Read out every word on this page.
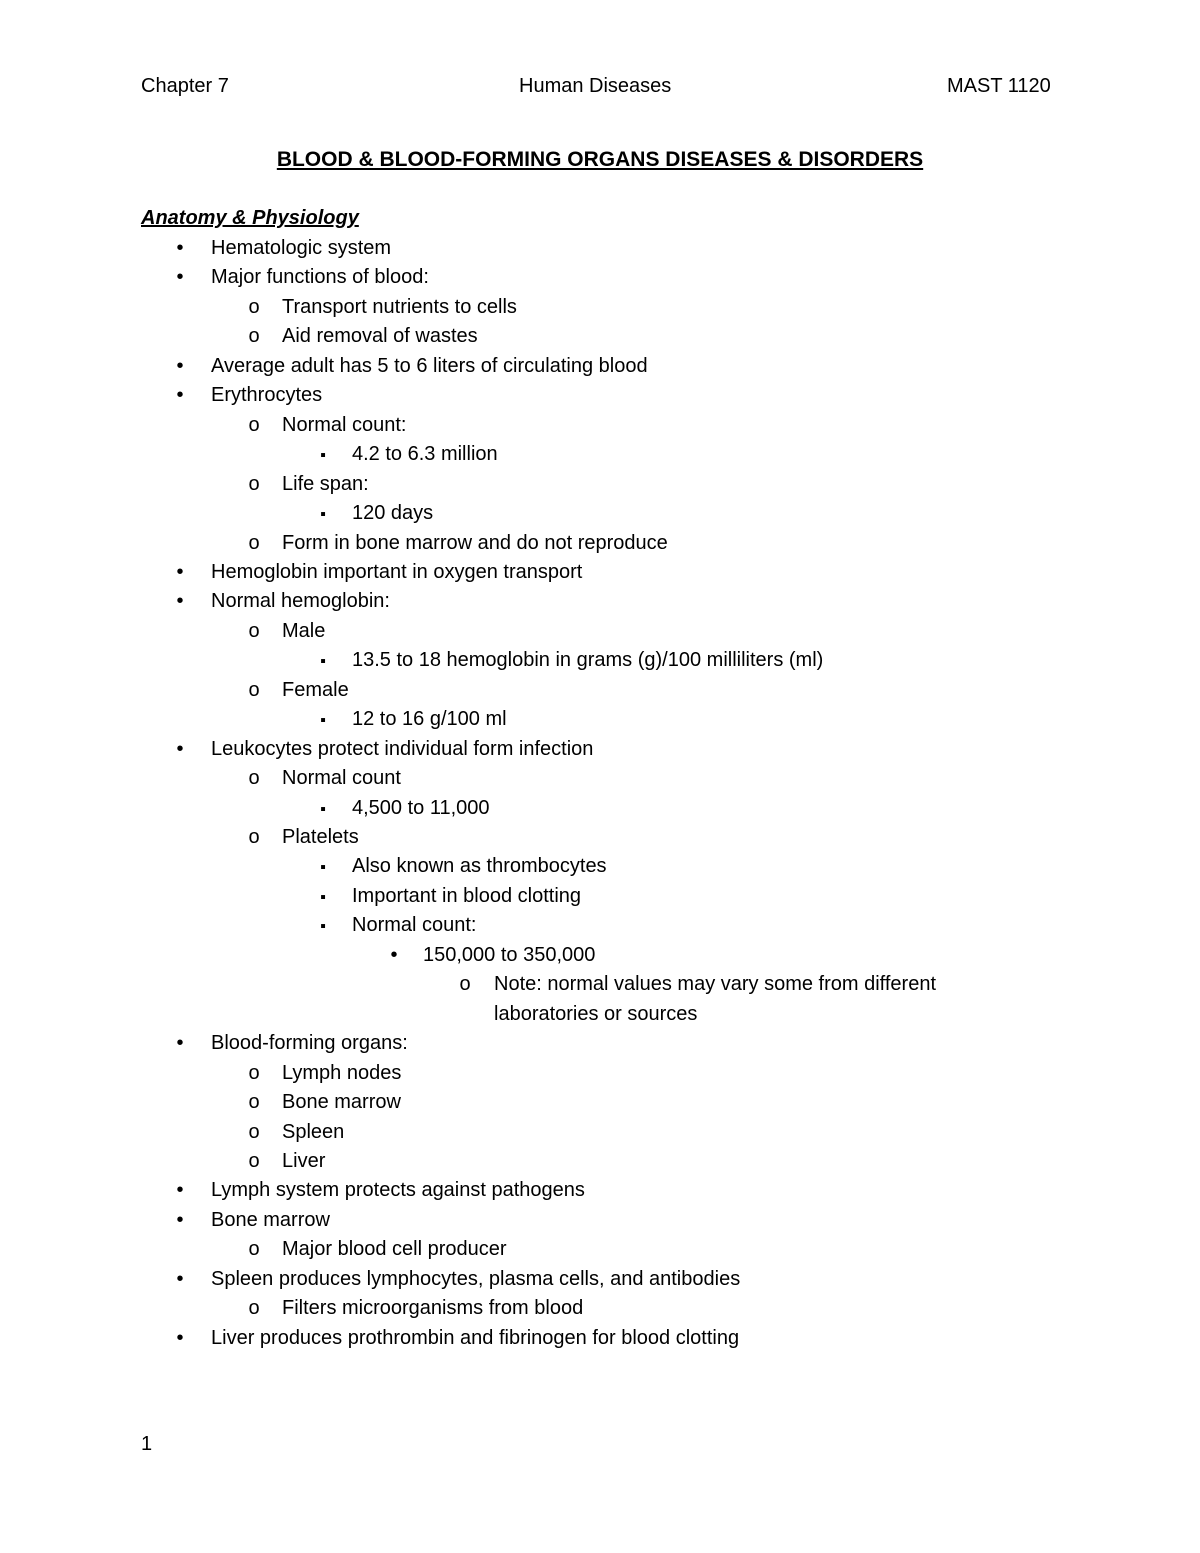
Chapter 7	Human Diseases	MAST 1120
BLOOD & BLOOD-FORMING ORGANS DISEASES & DISORDERS
Anatomy & Physiology
•
Hematologic system
•
Major functions of blood:
o
Transport nutrients to cells
o
Aid removal of wastes
•
Average adult has 5 to 6 liters of circulating blood
•
Erythrocytes
o
Normal count:
▪
4.2 to 6.3 million
o
Life span:
▪
120 days
o
Form in bone marrow and do not reproduce
•
Hemoglobin important in oxygen transport
•
Normal hemoglobin:
o
Male
▪
13.5 to 18 hemoglobin in grams (g)/100 milliliters (ml)
o
Female
▪
12 to 16 g/100 ml
•
Leukocytes protect individual form infection
o
Normal count
▪
4,500 to 11,000
o
Platelets
▪
Also known as thrombocytes
▪
Important in blood clotting
▪
Normal count:
•
150,000 to 350,000
o
Note: normal values may vary some from different
laboratories or sources
•
Blood-forming organs:
o
Lymph nodes
o
Bone marrow
o
Spleen
o
Liver
•
Lymph system protects against pathogens
•
Bone marrow
o
Major blood cell producer
•
Spleen produces lymphocytes, plasma cells, and antibodies
o
Filters microorganisms from blood
•
Liver produces prothrombin and fibrinogen for blood clotting
1
